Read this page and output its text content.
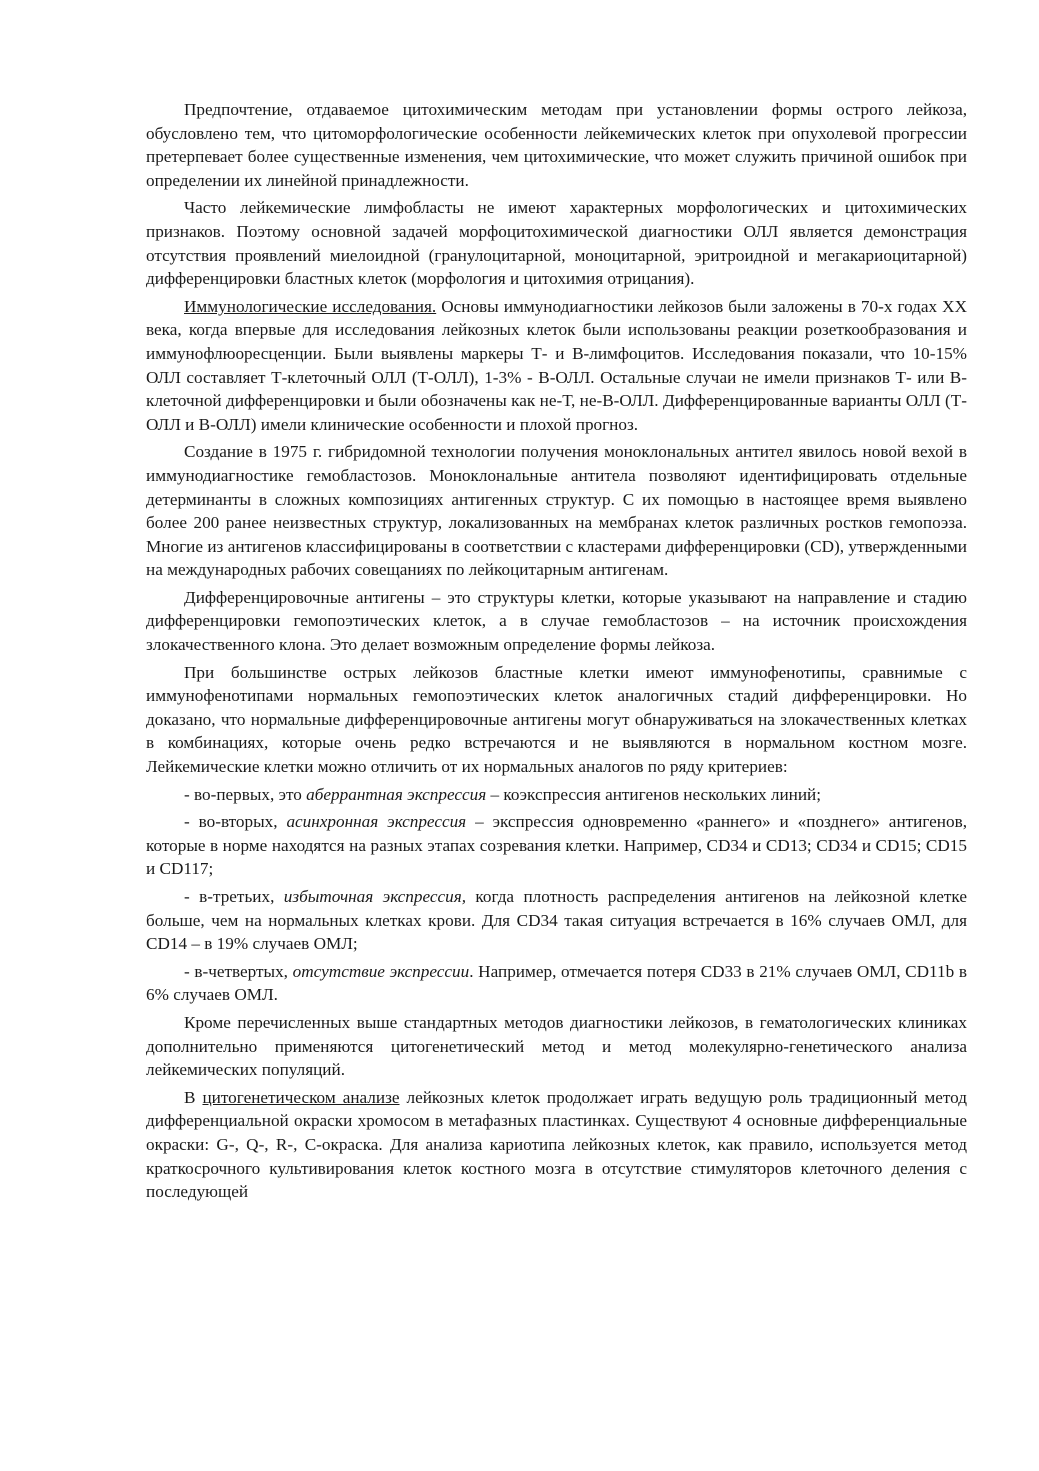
Предпочтение, отдаваемое цитохимическим методам при установлении формы острого лейкоза, обусловлено тем, что цитоморфологические особенности лейкемических клеток при опухолевой прогрессии претерпевает более существенные изменения, чем цитохимические, что может служить причиной ошибок при определении их линейной принадлежности.

Часто лейкемические лимфобласты не имеют характерных морфологических и цитохимических признаков. Поэтому основной задачей морфоцитохимической диагностики ОЛЛ является демонстрация отсутствия проявлений миелоидной (гранулоцитарной, моноцитарной, эритроидной и мегакариоцитарной) дифференцировки бластных клеток (морфология и цитохимия отрицания).

Иммунологические исследования. Основы иммунодиагностики лейкозов были заложены в 70-х годах XX века, когда впервые для исследования лейкозных клеток были использованы реакции розеткообразования и иммунофлюоресценции. Были выявлены маркеры Т- и В-лимфоцитов. Исследования показали, что 10-15% ОЛЛ составляет Т-клеточный ОЛЛ (Т-ОЛЛ), 1-3% - В-ОЛЛ. Остальные случаи не имели признаков Т- или В-клеточной дифференцировки и были обозначены как не-Т, не-В-ОЛЛ. Дифференцированные варианты ОЛЛ (Т-ОЛЛ и В-ОЛЛ) имели клинические особенности и плохой прогноз.

Создание в 1975 г. гибридомной технологии получения моноклональных антител явилось новой вехой в иммунодиагностике гемобластозов. Моноклональные антитела позволяют идентифицировать отдельные детерминанты в сложных композициях антигенных структур. С их помощью в настоящее время выявлено более 200 ранее неизвестных структур, локализованных на мембранах клеток различных ростков гемопоэза. Многие из антигенов классифицированы в соответствии с кластерами дифференцировки (CD), утвержденными на международных рабочих совещаниях по лейкоцитарным антигенам.

Дифференцировочные антигены – это структуры клетки, которые указывают на направление и стадию дифференцировки гемопоэтических клеток, а в случае гемобластозов – на источник происхождения злокачественного клона. Это делает возможным определение формы лейкоза.

При большинстве острых лейкозов бластные клетки имеют иммунофенотипы, сравнимые с иммунофенотипами нормальных гемопоэтических клеток аналогичных стадий дифференцировки. Но доказано, что нормальные дифференцировочные антигены могут обнаруживаться на злокачественных клетках в комбинациях, которые очень редко встречаются и не выявляются в нормальном костном мозге. Лейкемические клетки можно отличить от их нормальных аналогов по ряду критериев:

- во-первых, это аберрантная экспрессия – коэкспрессия антигенов нескольких линий;

- во-вторых, асинхронная экспрессия – экспрессия одновременно «раннего» и «позднего» антигенов, которые в норме находятся на разных этапах созревания клетки. Например, CD34 и CD13; CD34 и CD15; CD15 и CD117;

- в-третьих, избыточная экспрессия, когда плотность распределения антигенов на лейкозной клетке больше, чем на нормальных клетках крови. Для CD34 такая ситуация встречается в 16% случаев ОМЛ, для CD14 – в 19% случаев ОМЛ;

- в-четвертых, отсутствие экспрессии. Например, отмечается потеря CD33 в 21% случаев ОМЛ, CD11b в 6% случаев ОМЛ.

Кроме перечисленных выше стандартных методов диагностики лейкозов, в гематологических клиниках дополнительно применяются цитогенетический метод и метод молекулярно-генетического анализа лейкемических популяций.

В цитогенетическом анализе лейкозных клеток продолжает играть ведущую роль традиционный метод дифференциальной окраски хромосом в метафазных пластинках. Существуют 4 основные дифференциальные окраски: G-, Q-, R-, C-окраска. Для анализа кариотипа лейкозных клеток, как правило, используется метод краткосрочного культивирования клеток костного мозга в отсутствие стимуляторов клеточного деления с последующей
